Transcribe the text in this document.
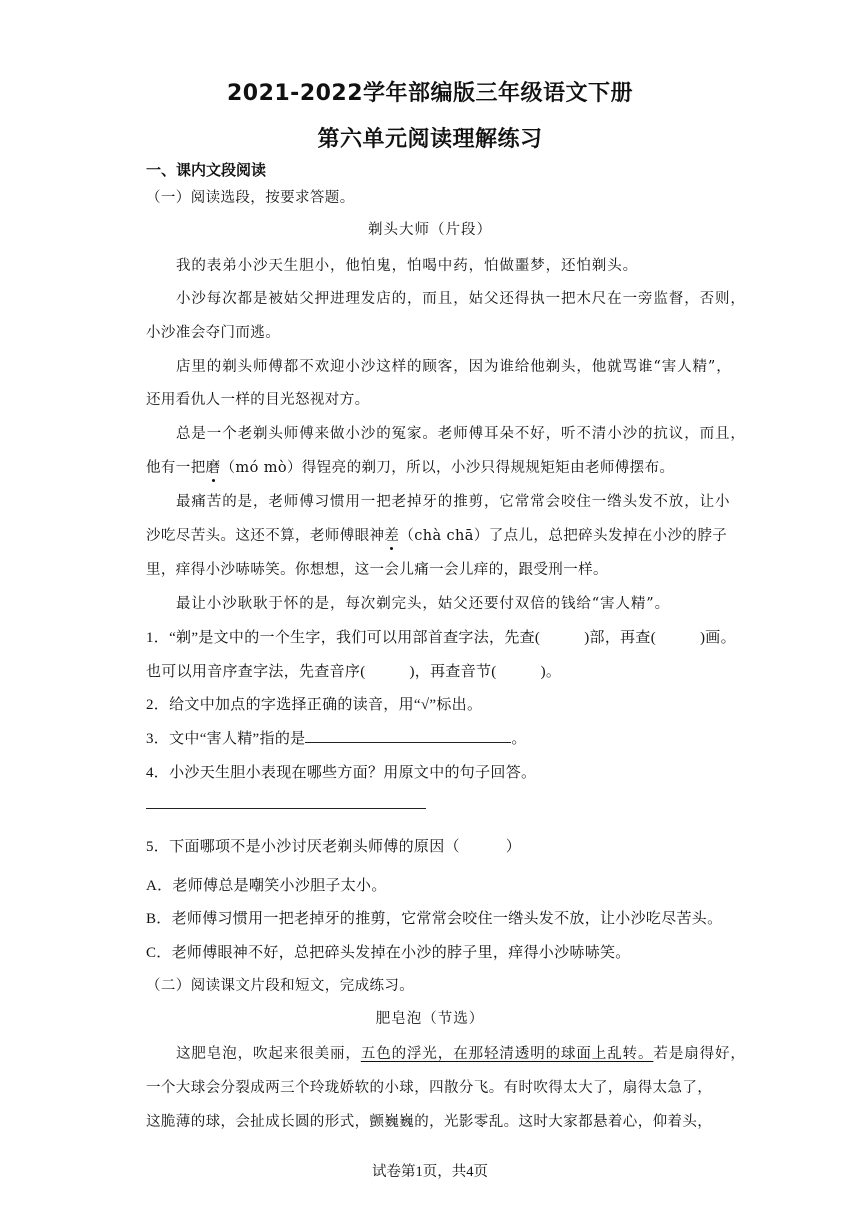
2021-2022学年部编版三年级语文下册
第六单元阅读理解练习
一、课内文段阅读
（一）阅读选段，按要求答题。
剃头大师（片段）
我的表弟小沙天生胆小，他怕鬼，怕喝中药，怕做噩梦，还怕剃头。
小沙每次都是被姑父押进理发店的，而且，姑父还得执一把木尺在一旁监督，否则，
小沙准会夺门而逃。
店里的剃头师傅都不欢迎小沙这样的顾客，因为谁给他剃头，他就骂谁“害人精”，
还用看仇人一样的目光怒视对方。
总是一个老剃头师傅来做小沙的冤家。老师傅耳朵不好，听不清小沙的抗议，而且，
他有一把磨（mó mò）得锃亮的剃刀，所以，小沙只得规规矩矩由老师傅摆布。
最痛苦的是，老师傅习惯用一把老掉牙的推剪，它常常会咬住一绺头发不放，让小
沙吃尽苦头。这还不算，老师傅眼神差（chà chā）了点儿，总把碎头发掉在小沙的脖子
里，痒得小沙哧哧笑。你想想，这一会儿痛一会儿痒的，跟受刑一样。
最让小沙耿耿于怀的是，每次剃完头，姑父还要付双倍的钱给“害人精”。
1．“剃”是文中的一个生字，我们可以用部首查字法，先查(	)部，再查(	)画。
也可以用音序查字法，先查音序(	)，再查音节(	)。
2．给文中加点的字选择正确的读音，用“√”标出。
3．文中“害人精”指的是	。
4．小沙天生胆小表现在哪些方面？用原文中的句子回答。
5．下面哪项不是小沙讨厌老剃头师傅的原因（　　　）
A．老师傅总是嘲笑小沙胆子太小。
B．老师傅习惯用一把老掉牙的推剪，它常常会咬住一绺头发不放，让小沙吃尽苦头。
C．老师傅眼神不好，总把碎头发掉在小沙的脖子里，痒得小沙哧哧笑。
（二）阅读课文片段和短文，完成练习。
肥皂泡（节选）
这肥皂泡，吹起来很美丽，五色的浮光，在那轻清透明的球面上乱转。若是扇得好，
一个大球会分裂成两三个玲珑娇软的小球，四散分飞。有时吹得太大了，扇得太急了，
这脆薄的球，会扯成长圆的形式，颤巍巍的，光影零乱。这时大家都悬着心，仰着头，
试卷第1页，共4页
